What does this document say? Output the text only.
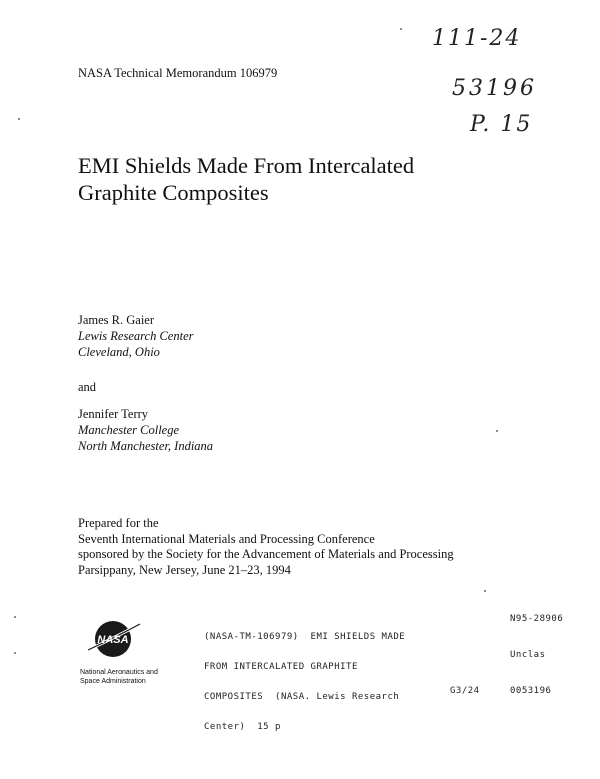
NASA Technical Memorandum 106979
111-24
53196
P. 15
EMI Shields Made From Intercalated
Graphite Composites
James R. Gaier
Lewis Research Center
Cleveland, Ohio
and
Jennifer Terry
Manchester College
North Manchester, Indiana
Prepared for the
Seventh International Materials and Processing Conference
sponsored by the Society for the Advancement of Materials and Processing
Parsippany, New Jersey, June 21–23, 1994
NASA
National Aeronautics and
Space Administration

(NASA-TM-106979)  EMI SHIELDS MADE

FROM INTERCALATED GRAPHITE

COMPOSITES  (NASA. Lewis Research

Center)  15 p

N95-28906
Unclas
G3/24	0053196
